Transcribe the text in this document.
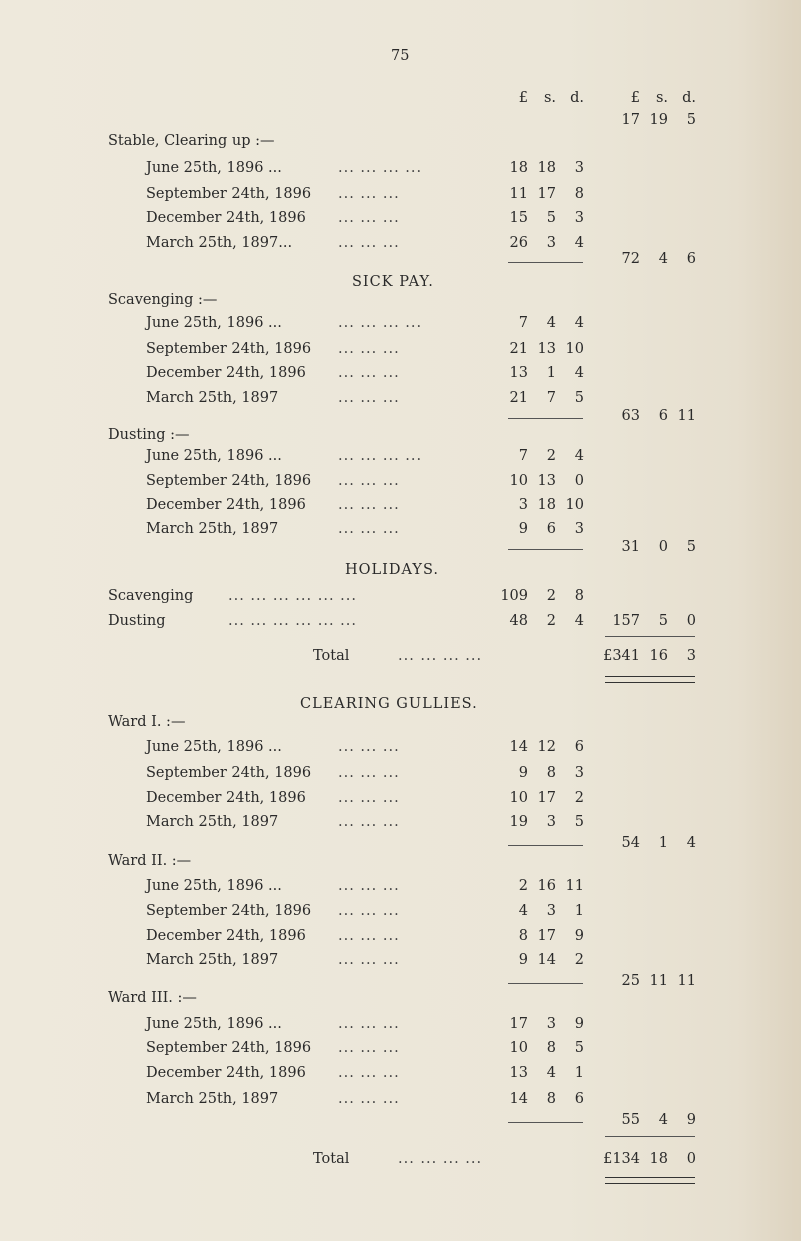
75
£	s. d.	£	s. d.
17 19	5
Stable, Clearing up :—
June 25th, 1896 ...	... ... ... ...	18 18	3
September 24th, 1896 ... ... ...	11 17	8
December 24th, 1896 ... ... ...	15	5	3
March 25th, 1897...	... ... ...	26	3	4
72	4	6
SICK PAY.
Scavenging :—
June 25th, 1896 ...	... ... ... ...	7	4	4
September 24th, 1896 ... ... ...	21 13 10
December 24th, 1896 ... ... ...	13	1	4
March 25th, 1897	... ... ...	21	7	5
63	6 11
Dusting :—
June 25th, 1896 ...	... ... ... ...	7	2	4
September 24th, 1896 ... ... ...	10 13	0
December 24th, 1896 ... ... ...	3 18 10
March 25th, 1897	... ... ...	9	6	3
31	0	5
HOLIDAYS.
Scavenging ... ... ... ... ... ...	109	2	8
Dusting	... ... ... ... ... ...	48	2	4	157	5	0
Total	... ... ... ...	£341 16	3
CLEARING GULLIES.
Ward I. :—
June 25th, 1896 ...	... ... ...	14 12	6
September 24th, 1896 ... ... ...	9	8	3
December 24th, 1896 ... ... ...	10 17	2
March 25th, 1897	... ... ...	19	3	5
54	1	4
Ward II. :—
June 25th, 1896 ...	... ... ...	2 16 11
September 24th, 1896 ... ... ...	4	3	1
December 24th, 1896 ... ... ...	8 17	9
March 25th, 1897	... ... ...	9 14	2
25 11 11
Ward III. :—
June 25th, 1896 ...	... ... ...	17	3	9
September 24th, 1896 ... ... ...	10	8	5
December 24th, 1896 ... ... ...	13	4	1
March 25th, 1897	... ... ...	14	8	6
55	4	9
Total	... ... ... ...	£134 18	0
